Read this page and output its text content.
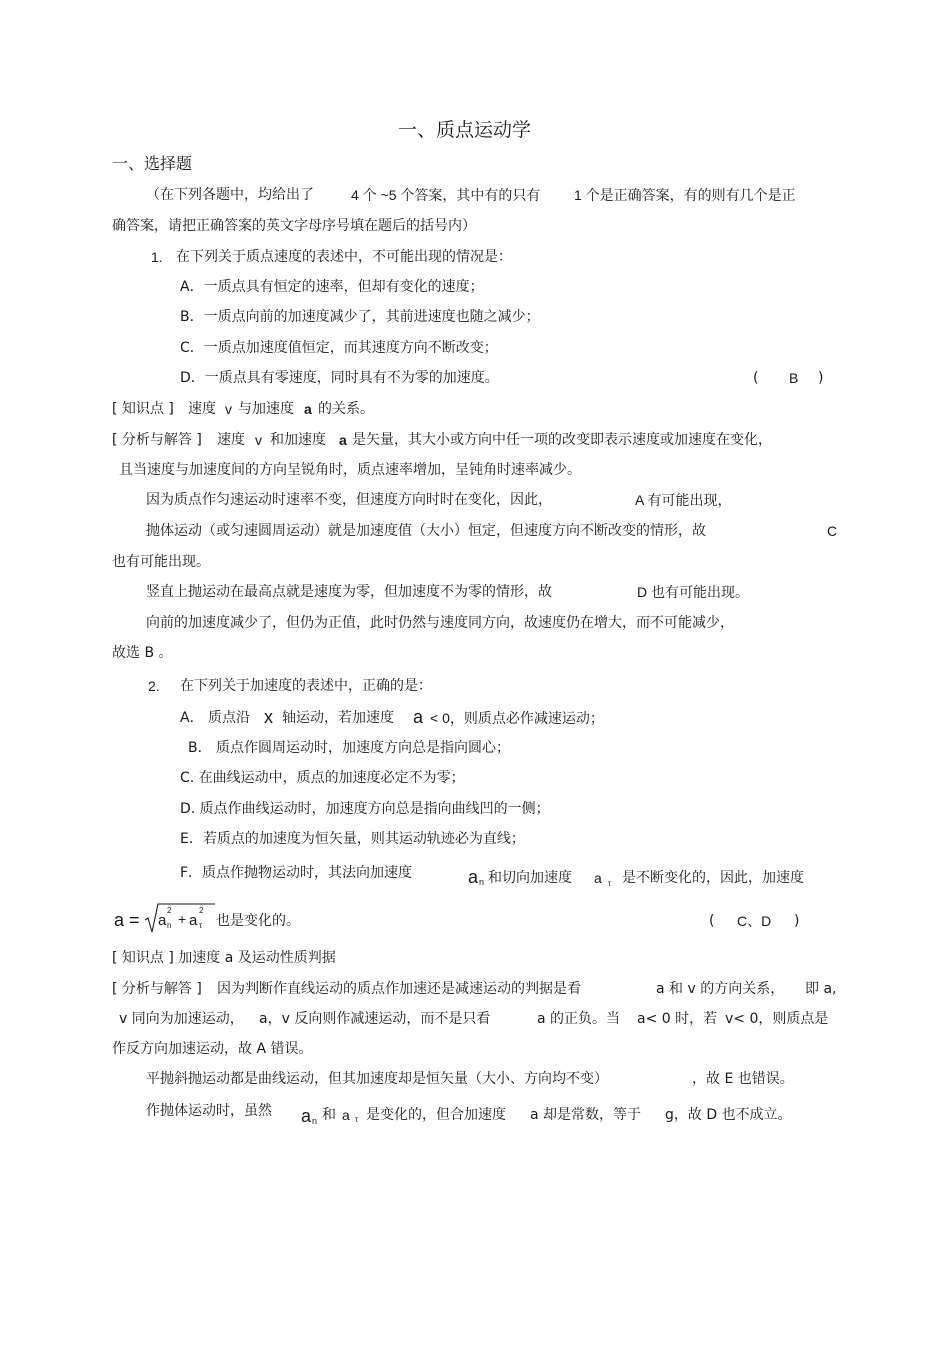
一、质点运动学
一、选择题
（在下列各题中，均给出了	4 个 ~5 个答案，其中有的只有 1 个是正确答案，有的则有几个是正
确答案，请把正确答案的英文字母序号填在题后的括号内）
1. 在下列关于质点速度的表述中，不可能出现的情况是：
A．一质点具有恒定的速率，但却有变化的速度；
B．一质点向前的加速度减少了，其前进速度也随之减少；
C．一质点加速度值恒定，而其速度方向不断改变；
D．一质点具有零速度，同时具有不为零的加速度。	( B )
[ 知识点 ] 速度 v 与加速度 a 的关系。
[ 分析与解答 ] 速度 v 和加速度 a 是矢量，其大小或方向中任一项的改变即表示速度或加速度在变化，
且当速度与加速度间的方向呈锐角时，质点速率增加，呈钝角时速率减少。
因为质点作匀速运动时速率不变，但速度方向时时在变化，因此，	A 有可能出现，
抛体运动（或匀速圆周运动）就是加速度值（大小）恒定，但速度方向不断改变的情形，故	C
也有可能出现。
竖直上抛运动在最高点就是速度为零，但加速度不为零的情形，故	D 也有可能出现。
向前的加速度减少了，但仍为正值，此时仍然与速度同方向，故速度仍在增大，而不可能减少，
故选 B 。
2. 在下列关于加速度的表述中，正确的是：
A． 质点沿 x 轴运动，若加速度 a < 0，则质点必作减速运动；
B． 质点作圆周运动时，加速度方向总是指向圆心；
C. 在曲线运动中，质点的加速度必定不为零；
D. 质点作曲线运动时，加速度方向总是指向曲线凹的一侧；
E．若质点的加速度为恒矢量，则其运动轨迹必为直线；
F．质点作抛物运动时，其法向加速度	a n 和切向加速度 a τ 是不断变化的，因此，加速度
a = a n
2
+ a τ
2
也是变化的。	( C、D )
[ 知识点 ] 加速度 a 及运动性质判据
[ 分析与解答 ] 因为判断作直线运动的质点作加速还是减速运动的判据是看	a 和 v 的方向关系， 即 a,
v 同向为加速运动， a，v 反向则作减速运动，而不是只看	a 的正负。当 a< 0 时，若 v< 0，则质点是
作反方向加速运动，故 A 错误。
平抛斜抛运动都是曲线运动，但其加速度却是恒矢量（大小、方向均不变）	，故 E 也错误。
作抛体运动时，虽然 a n 和 a τ 是变化的，但合加速度 a 却是常数，等于 g，故 D 也不成立。
